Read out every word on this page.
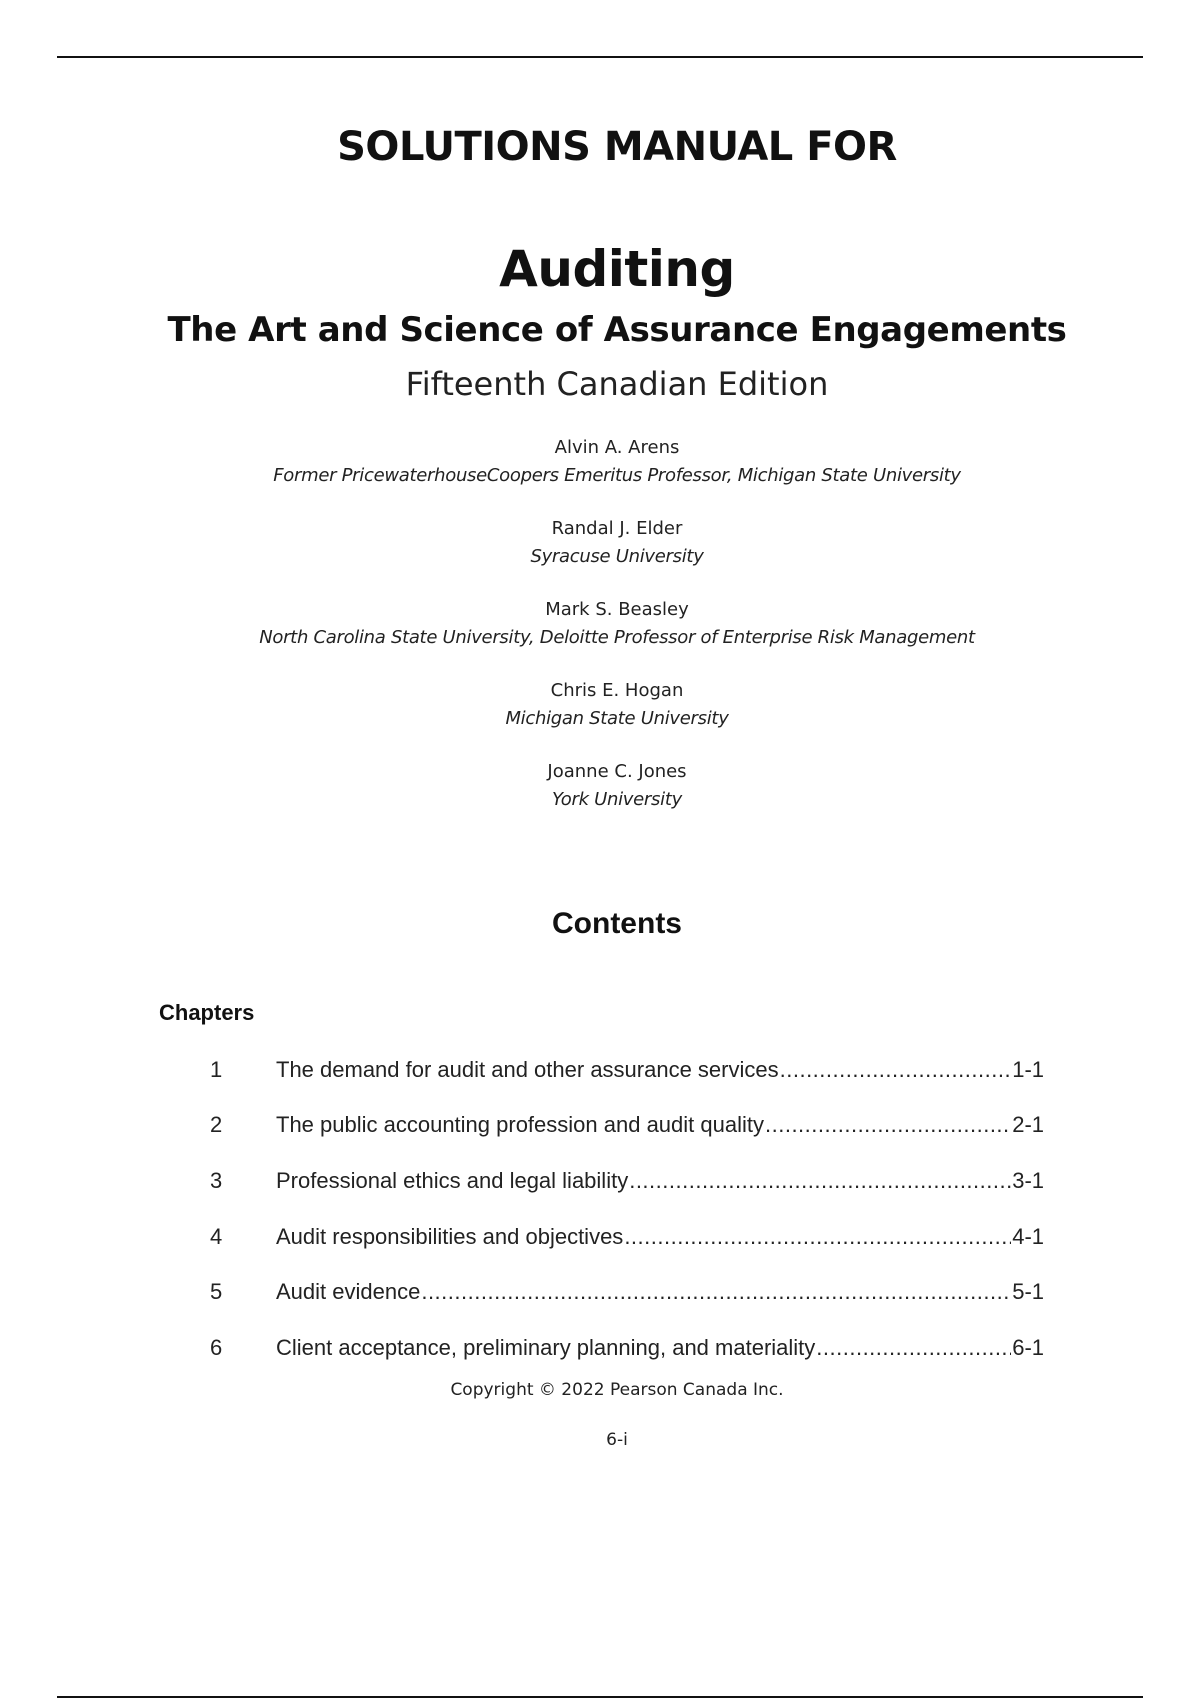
SOLUTIONS MANUAL FOR
Auditing
The Art and Science of Assurance Engagements
Fifteenth Canadian Edition
Alvin A. Arens
Former PricewaterhouseCoopers Emeritus Professor, Michigan State University
Randal J. Elder
Syracuse University
Mark S. Beasley
North Carolina State University, Deloitte Professor of Enterprise Risk Management
Chris E. Hogan
Michigan State University
Joanne C. Jones
York University
Contents
Chapters
1	The demand for audit and other assurance services .....	1-1
2	The public accounting profession and audit quality .....	2-1
3	Professional ethics and legal liability .....	3-1
4	Audit responsibilities and objectives .....	4-1
5	Audit evidence .....	5-1
6	Client acceptance, preliminary planning, and materiality .....	6-1
Copyright © 2022 Pearson Canada Inc.
6-i
